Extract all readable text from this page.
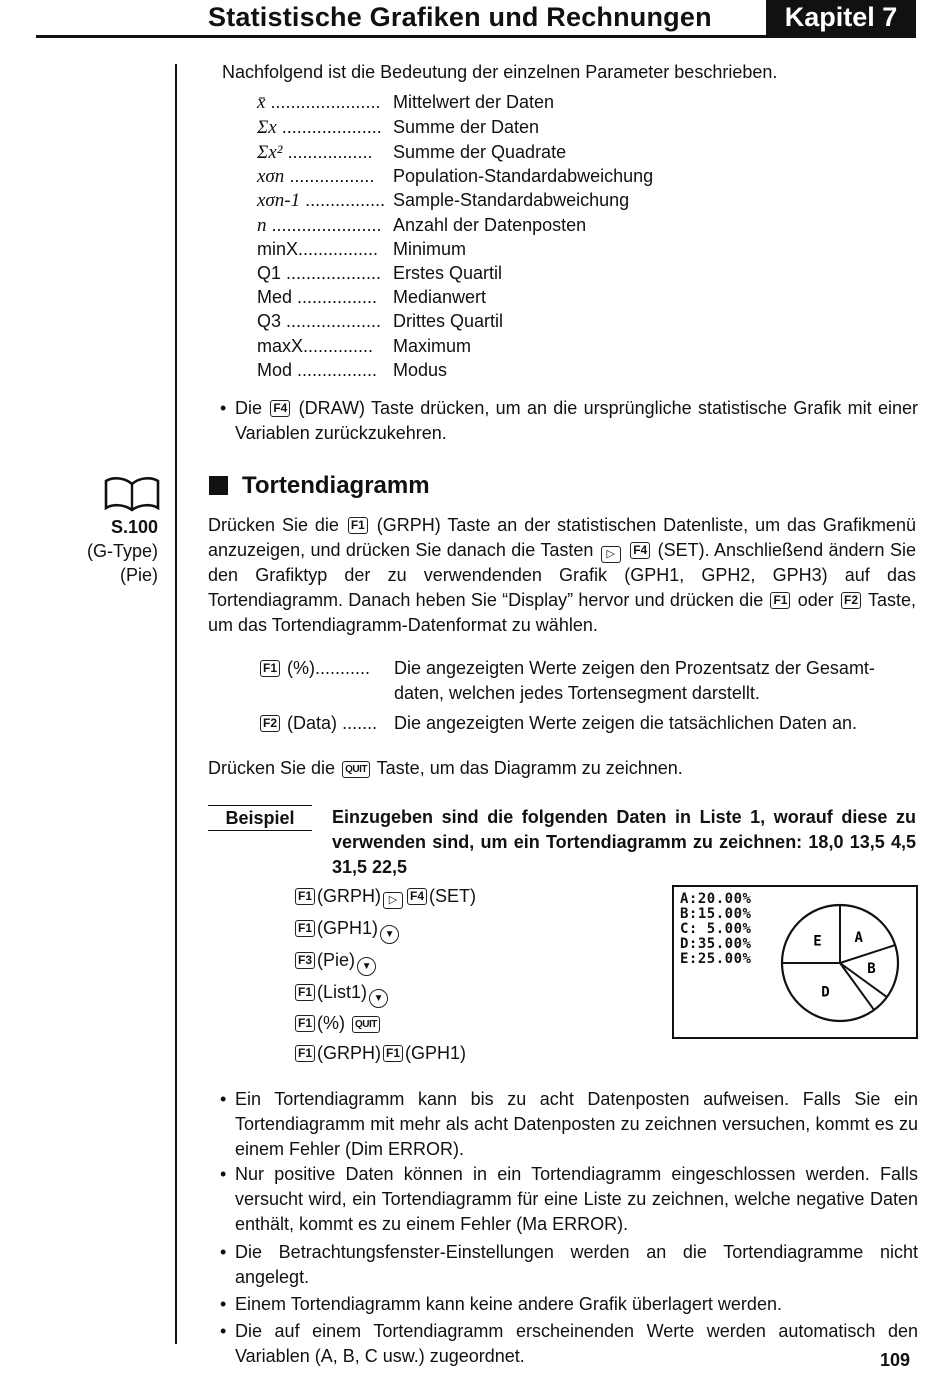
Statistische Grafiken und Rechnungen	Kapitel 7
Nachfolgend ist die Bedeutung der einzelnen Parameter beschrieben.
x̄ ...................... Mittelwert der Daten
Σx .................... Summe der Daten
Σx² ................. Summe der Quadrate
xσn ................. Population-Standardabweichung
xσn-1 ................ Sample-Standardabweichung
n ...................... Anzahl der Datenposten
minX................ Minimum
Q1 ................... Erstes Quartil
Med ................ Medianwert
Q3 ................... Drittes Quartil
maxX.............. Maximum
Mod ................ Modus
• Die F4 (DRAW) Taste drücken, um an die ursprüngliche statistische Grafik mit einer Variablen zurückzukehren.
S.100
(G-Type)
(Pie)
Tortendiagramm
Drücken Sie die F1 (GRPH) Taste an der statistischen Datenliste, um das Grafikmenü anzuzeigen, und drücken Sie danach die Tasten ▷ F4 (SET). Anschließend ändern Sie den Grafiktyp der zu verwendenden Grafik (GPH1, GPH2, GPH3) auf das Tortendiagramm. Danach heben Sie “Display” hervor und drücken die F1 oder F2 Taste, um das Tortendiagramm-Datenformat zu wählen.
F1 (%)........... Die angezeigten Werte zeigen den Prozentsatz der Gesamt-daten, welchen jedes Tortensegment darstellt.
F2 (Data) ....... Die angezeigten Werte zeigen die tatsächlichen Daten an.
Drücken Sie die QUIT Taste, um das Diagramm zu zeichnen.
Beispiel	Einzugeben sind die folgenden Daten in Liste 1, worauf diese zu verwenden sind, um ein Tortendiagramm zu zeichnen: 18,0 13,5 4,5 31,5 22,5
F1 (GRPH) ▷ F4 (SET)
F1 (GPH1) ▼
F3 (Pie) ▼
F1 (List1) ▼
F1 (%) QUIT
F1 (GRPH) F1 (GPH1)
A:20.00%
B:15.00%
C: 5.00%
D:35.00%
E:25.00%
A
B
D
E
• Ein Tortendiagramm kann bis zu acht Datenposten aufweisen. Falls Sie ein Tortendiagramm mit mehr als acht Datenposten zu zeichnen versuchen, kommt es zu einem Fehler (Dim ERROR).
• Nur positive Daten können in ein Tortendiagramm eingeschlossen werden. Falls versucht wird, ein Tortendiagramm für eine Liste zu zeichnen, welche negative Daten enthält, kommt es zu einem Fehler (Ma ERROR).
• Die Betrachtungsfenster-Einstellungen werden an die Tortendiagramme nicht angelegt.
• Einem Tortendiagramm kann keine andere Grafik überlagert werden.
• Die auf einem Tortendiagramm erscheinenden Werte werden automatisch den Variablen (A, B, C usw.) zugeordnet.	109
